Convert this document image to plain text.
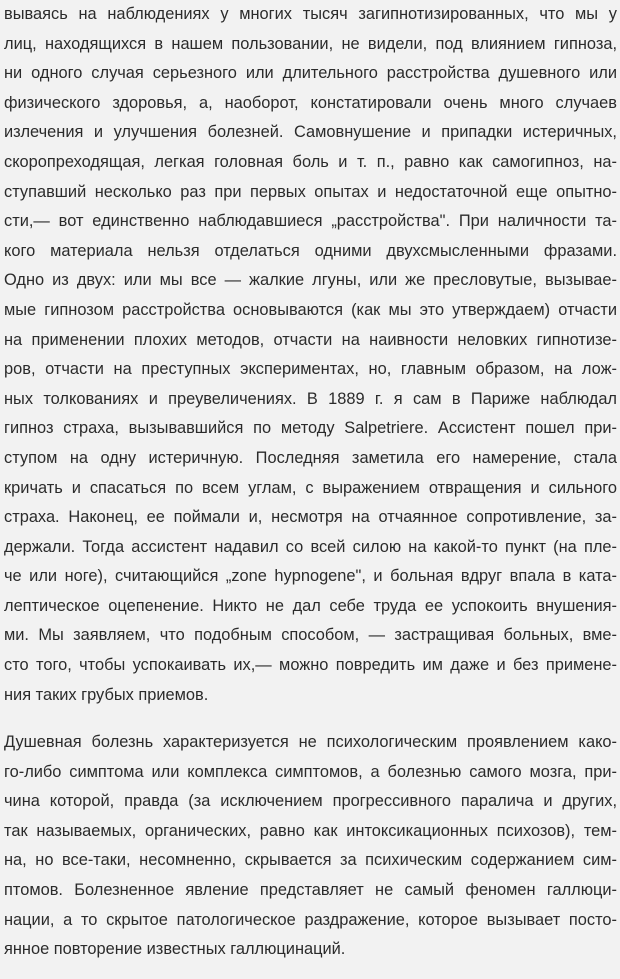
вываясь на наблюдениях у многих тысяч загипнотизированных, что мы у
лиц, находящихся в нашем пользовании, не видели, под влиянием гипноза,
ни одного случая серьезного или длительного расстройства душевного или
физического здоровья, а, наоборот, констатировали очень много случаев
излечения и улучшения болезней. Самовнушение и припадки истеричных,
скоропреходящая, легкая головная боль и т. п., равно как самогипноз, на-
ступавший несколько раз при первых опытах и недостаточной еще опытно-
сти,— вот единственно наблюдавшиеся „расстройства". При наличности та-
кого материала нельзя отделаться одними двухсмысленными фразами.
Одно из двух: или мы все — жалкие лгуны, или же пресловутые, вызывае-
мые гипнозом расстройства основываются (как мы это утверждаем) отчасти
на применении плохих методов, отчасти на наивности неловких гипнотизе-
ров, отчасти на преступных экспериментах, но, главным образом, на лож-
ных толкованиях и преувеличениях. В 1889 г. я сам в Париже наблюдал
гипноз страха, вызывавшийся по методу Salpetriere. Ассистент пошел при-
ступом на одну истеричную. Последняя заметила его намерение, стала
кричать и спасаться по всем углам, с выражением отвращения и сильного
страха. Наконец, ее поймали и, несмотря на отчаянное сопротивление, за-
держали. Тогда ассистент надавил со всей силою на какой-то пункт (на пле-
че или ноге), считающийся „zone hypnogene", и больная вдруг впала в ката-
лептическое оцепенение. Никто не дал себе труда ее успокоить внушения-
ми. Мы заявляем, что подобным способом, — застращивая больных, вме-
сто того, чтобы успокаивать их,— можно повредить им даже и без примене-
ния таких грубых приемов.

Душевная болезнь характеризуется не психологическим проявлением како-
го-либо симптома или комплекса симптомов, а болезнью самого мозга, при-
чина которой, правда (за исключением прогрессивного паралича и других,
так называемых, органических, равно как интоксикационных психозов), тем-
на, но все-таки, несомненно, скрывается за психическим содержанием сим-
птомов. Болезненное явление представляет не самый феномен галлюци-
нации, а то скрытое патологическое раздражение, которое вызывает посто-
янное повторение известных галлюцинаций.
